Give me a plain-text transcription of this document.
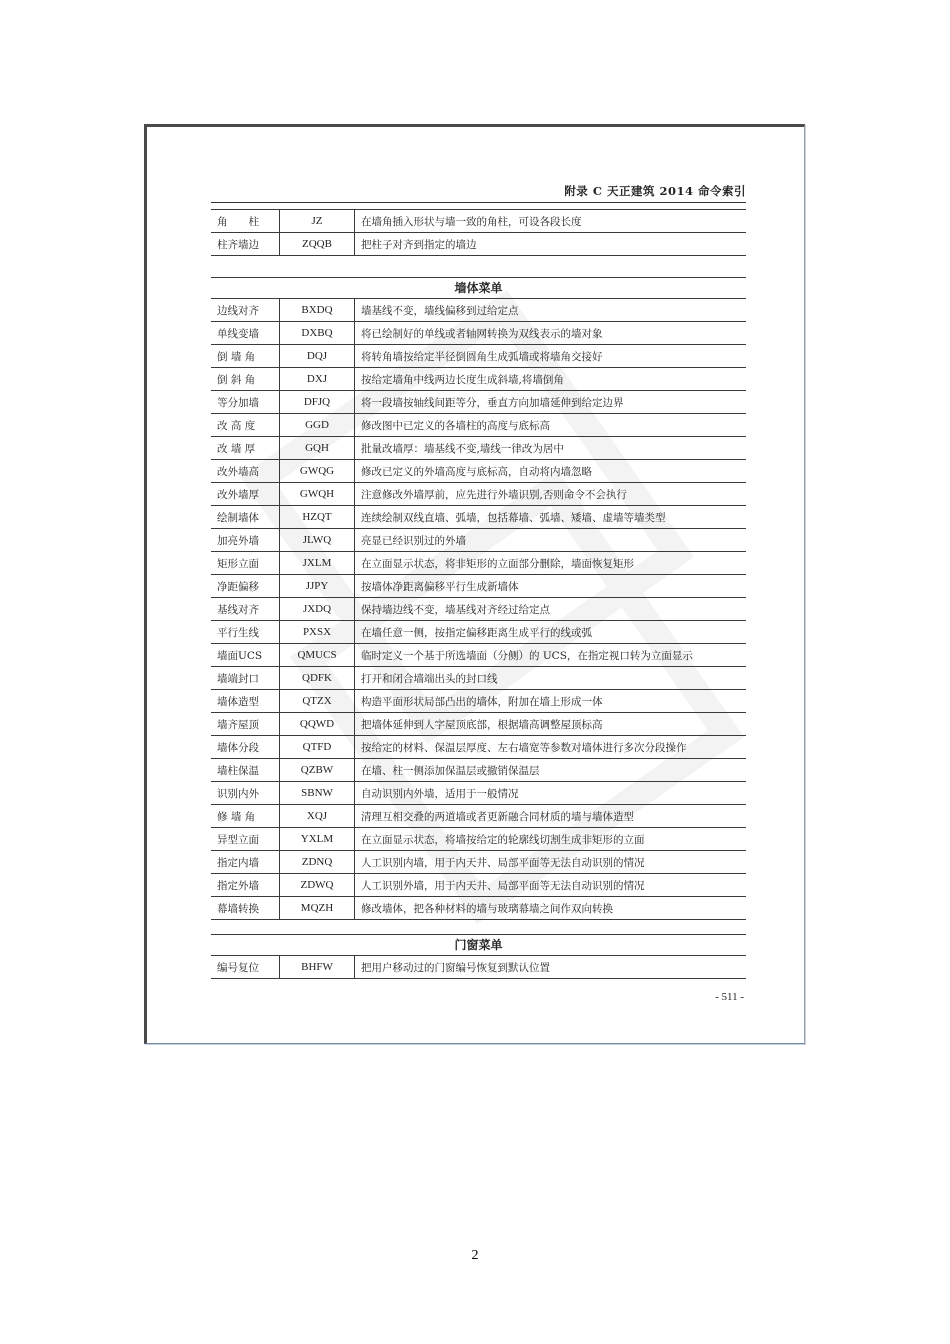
附录 C 天正建筑 2014 命令索引
角　　柱	JZ	在墙角插入形状与墙一致的角柱，可设各段长度
柱齐墙边	ZQQB	把柱子对齐到指定的墙边
墙体菜单
边线对齐	BXDQ	墙基线不变，墙线偏移到过给定点
单线变墙	DXBQ	将已绘制好的单线或者轴网转换为双线表示的墙对象
倒 墙 角	DQJ	将转角墙按给定半径倒圆角生成弧墙或将墙角交接好
倒 斜 角	DXJ	按给定墙角中线两边长度生成斜墙,将墙倒角
等分加墙	DFJQ	将一段墙按轴线间距等分，垂直方向加墙延伸到给定边界
改 高 度	GGD	修改图中已定义的各墙柱的高度与底标高
改 墙 厚	GQH	批量改墙厚：墙基线不变,墙线一律改为居中
改外墙高	GWQG	修改已定义的外墙高度与底标高，自动将内墙忽略
改外墙厚	GWQH	注意修改外墙厚前，应先进行外墙识别,否则命令不会执行
绘制墙体	HZQT	连续绘制双线直墙、弧墙，包括幕墙、弧墙、矮墙、虚墙等墙类型
加亮外墙	JLWQ	亮显已经识别过的外墙
矩形立面	JXLM	在立面显示状态，将非矩形的立面部分删除，墙面恢复矩形
净距偏移	JJPY	按墙体净距离偏移平行生成新墙体
基线对齐	JXDQ	保持墙边线不变，墙基线对齐经过给定点
平行生线	PXSX	在墙任意一侧，按指定偏移距离生成平行的线或弧
墙面UCS	QMUCS	临时定义一个基于所选墙面（分侧）的 UCS，在指定视口转为立面显示
墙端封口	QDFK	打开和闭合墙端出头的封口线
墙体造型	QTZX	构造平面形状局部凸出的墙体，附加在墙上形成一体
墙齐屋顶	QQWD	把墙体延伸到人字屋顶底部，根据墙高调整屋顶标高
墙体分段	QTFD	按给定的材料、保温层厚度、左右墙宽等参数对墙体进行多次分段操作
墙柱保温	QZBW	在墙、柱一侧添加保温层或撤销保温层
识别内外	SBNW	自动识别内外墙，适用于一般情况
修 墙 角	XQJ	清理互相交叠的两道墙或者更新融合同材质的墙与墙体造型
异型立面	YXLM	在立面显示状态，将墙按给定的轮廓线切割生成非矩形的立面
指定内墙	ZDNQ	人工识别内墙，用于内天井、局部平面等无法自动识别的情况
指定外墙	ZDWQ	人工识别外墙，用于内天井、局部平面等无法自动识别的情况
幕墙转换	MQZH	修改墙体，把各种材料的墙与玻璃幕墙之间作双向转换
门窗菜单
编号复位	BHFW	把用户移动过的门窗编号恢复到默认位置
- 511 -
2
